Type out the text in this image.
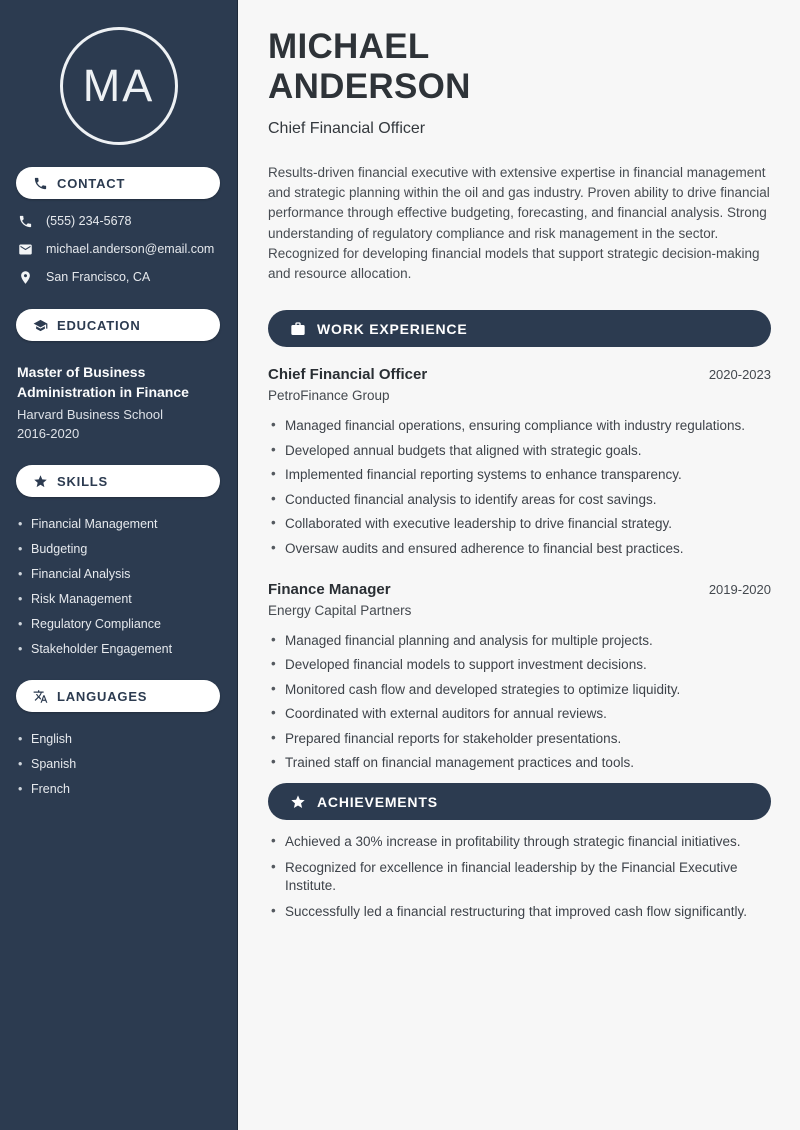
MA
CONTACT
(555) 234-5678
michael.anderson@email.com
San Francisco, CA
EDUCATION
Master of Business Administration in Finance
Harvard Business School
2016-2020
SKILLS
• Financial Management
• Budgeting
• Financial Analysis
• Risk Management
• Regulatory Compliance
• Stakeholder Engagement
LANGUAGES
• English
• Spanish
• French
MICHAEL
ANDERSON
Chief Financial Officer

Results-driven financial executive with extensive expertise in financial management and strategic planning within the oil and gas industry. Proven ability to drive financial performance through effective budgeting, forecasting, and financial analysis. Strong understanding of regulatory compliance and risk management in the sector. Recognized for developing financial models that support strategic decision-making and resource allocation.

WORK EXPERIENCE
Chief Financial Officer	2020-2023
PetroFinance Group
• Managed financial operations, ensuring compliance with industry regulations.
• Developed annual budgets that aligned with strategic goals.
• Implemented financial reporting systems to enhance transparency.
• Conducted financial analysis to identify areas for cost savings.
• Collaborated with executive leadership to drive financial strategy.
• Oversaw audits and ensured adherence to financial best practices.
Finance Manager	2019-2020
Energy Capital Partners
• Managed financial planning and analysis for multiple projects.
• Developed financial models to support investment decisions.
• Monitored cash flow and developed strategies to optimize liquidity.
• Coordinated with external auditors for annual reviews.
• Prepared financial reports for stakeholder presentations.
• Trained staff on financial management practices and tools.
ACHIEVEMENTS
• Achieved a 30% increase in profitability through strategic financial initiatives.
• Recognized for excellence in financial leadership by the Financial Executive Institute.
• Successfully led a financial restructuring that improved cash flow significantly.
